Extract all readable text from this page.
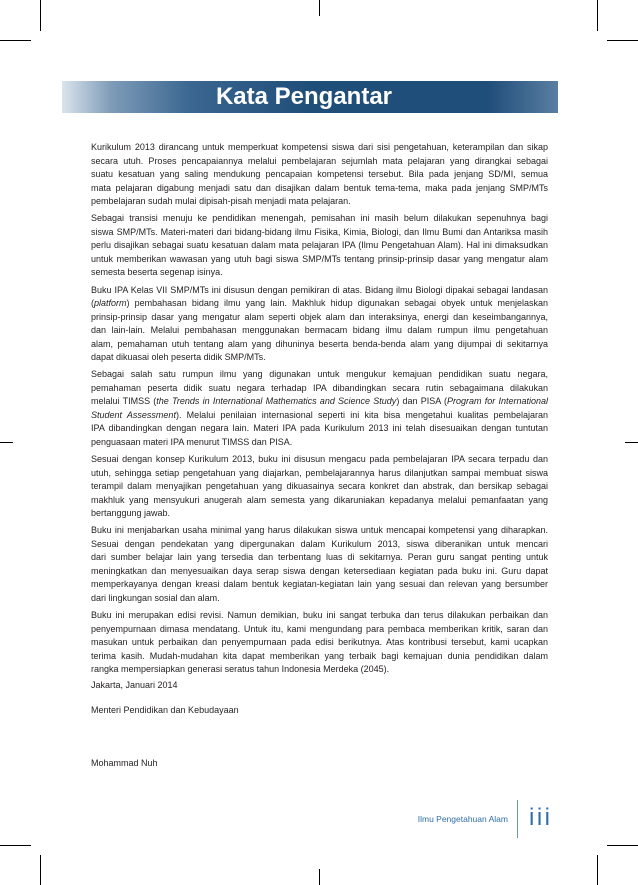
Kata Pengantar
Kurikulum 2013 dirancang untuk memperkuat kompetensi siswa dari sisi pengetahuan, keterampilan dan sikap
secara utuh. Proses pencapaiannya melalui pembelajaran sejumlah mata pelajaran yang dirangkai sebagai
suatu kesatuan yang saling mendukung pencapaian kompetensi tersebut. Bila pada jenjang SD/MI, semua
mata pelajaran digabung menjadi satu dan disajikan dalam bentuk tema-tema, maka pada jenjang SMP/MTs
pembelajaran sudah mulai dipisah-pisah menjadi mata pelajaran.
Sebagai transisi menuju ke pendidikan menengah, pemisahan ini masih belum dilakukan sepenuhnya bagi
siswa SMP/MTs. Materi-materi dari bidang-bidang ilmu Fisika, Kimia, Biologi, dan Ilmu Bumi dan Antariksa masih
perlu disajikan sebagai suatu kesatuan dalam mata pelajaran IPA (Ilmu Pengetahuan Alam). Hal ini dimaksudkan
untuk memberikan wawasan yang utuh bagi siswa SMP/MTs tentang prinsip-prinsip dasar yang mengatur alam
semesta beserta segenap isinya.
Buku IPA Kelas VII SMP/MTs ini disusun dengan pemikiran di atas. Bidang ilmu Biologi dipakai sebagai landasan
(platform) pembahasan bidang ilmu yang lain. Makhluk hidup digunakan sebagai obyek untuk menjelaskan
prinsip-prinsip dasar yang mengatur alam seperti objek alam dan interaksinya, energi dan keseimbangannya,
dan lain-lain. Melalui pembahasan menggunakan bermacam bidang ilmu dalam rumpun ilmu pengetahuan
alam, pemahaman utuh tentang alam yang dihuninya beserta benda-benda alam yang dijumpai di sekitarnya
dapat dikuasai oleh peserta didik SMP/MTs.
Sebagai salah satu rumpun ilmu yang digunakan untuk mengukur kemajuan pendidikan suatu negara,
pemahaman peserta didik suatu negara terhadap IPA dibandingkan secara rutin sebagaimana dilakukan
melalui TIMSS (the Trends in International Mathematics and Science Study) dan PISA (Program for International
Student Assessment). Melalui penilaian internasional seperti ini kita bisa mengetahui kualitas pembelajaran
IPA dibandingkan dengan negara lain. Materi IPA pada Kurikulum 2013 ini telah disesuaikan dengan tuntutan
penguasaan materi IPA menurut TIMSS dan PISA.
Sesuai dengan konsep Kurikulum 2013, buku ini disusun mengacu pada pembelajaran IPA secara terpadu dan
utuh, sehingga setiap pengetahuan yang diajarkan, pembelajarannya harus dilanjutkan sampai membuat siswa
terampil dalam menyajikan pengetahuan yang dikuasainya secara konkret dan abstrak, dan bersikap sebagai
makhluk yang mensyukuri anugerah alam semesta yang dikaruniakan kepadanya melalui pemanfaatan yang
bertanggung jawab.
Buku ini menjabarkan usaha minimal yang harus dilakukan siswa untuk mencapai kompetensi yang diharapkan.
Sesuai dengan pendekatan yang dipergunakan dalam Kurikulum 2013, siswa diberanikan untuk mencari
dari sumber belajar lain yang tersedia dan terbentang luas di sekitarnya. Peran guru sangat penting untuk
meningkatkan dan menyesuaikan daya serap siswa dengan ketersediaan kegiatan pada buku ini. Guru dapat
memperkayanya dengan kreasi dalam bentuk kegiatan-kegiatan lain yang sesuai dan relevan yang bersumber
dari lingkungan sosial dan alam.
Buku ini merupakan edisi revisi. Namun demikian, buku ini sangat terbuka dan terus dilakukan perbaikan dan
penyempurnaan dimasa mendatang. Untuk itu, kami mengundang para pembaca memberikan kritik, saran dan
masukan untuk perbaikan dan penyempurnaan pada edisi berikutnya. Atas kontribusi tersebut, kami ucapkan
terima kasih. Mudah-mudahan kita dapat memberikan yang terbaik bagi kemajuan dunia pendidikan dalam
rangka mempersiapkan generasi seratus tahun Indonesia Merdeka (2045).
Jakarta, Januari 2014
Menteri Pendidikan dan Kebudayaan
Mohammad Nuh
Ilmu Pengetahuan Alam iii
